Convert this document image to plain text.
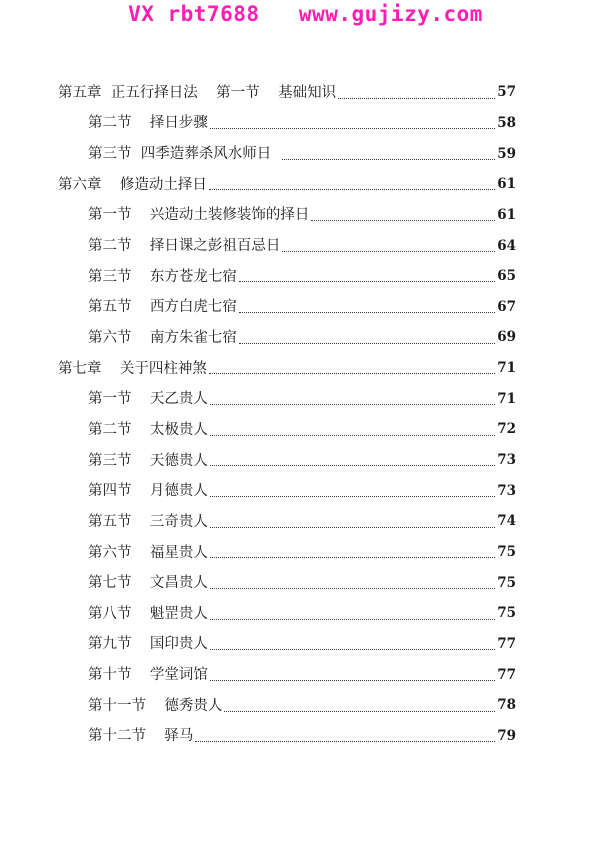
VX rbt7688   www.gujizy.com
第五章  正五行择日法    第一节    基础知识	57
第二节    择日步骤	58
第三节  四季造葬杀风水师日	59
第六章    修造动土择日	61
第一节    兴造动土装修装饰的择日	61
第二节    择日课之彭祖百忌日	64
第三节    东方苍龙七宿	65
第五节    西方白虎七宿	67
第六节    南方朱雀七宿	69
第七章    关于四柱神煞	71
第一节    天乙贵人	71
第二节    太极贵人	72
第三节    天德贵人	73
第四节    月德贵人	73
第五节    三奇贵人	74
第六节    福星贵人	75
第七节    文昌贵人	75
第八节    魁罡贵人	75
第九节    国印贵人	77
第十节    学堂词馆	77
第十一节    德秀贵人	78
第十二节    驿马	79
